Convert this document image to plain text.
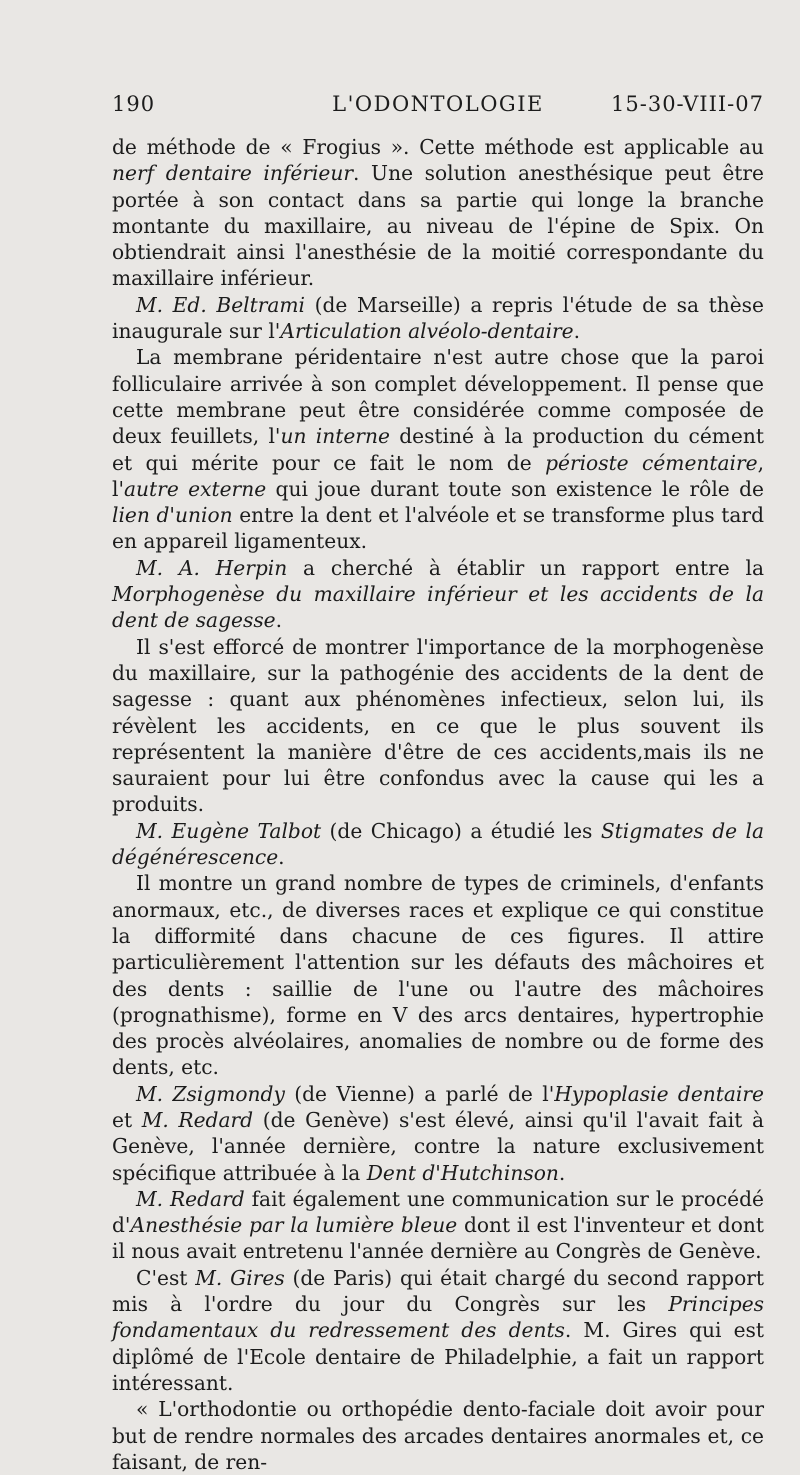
190	L'ODONTOLOGIE	15-30-VIII-07

de méthode de « Frogius ». Cette méthode est applicable au nerf dentaire inférieur. Une solution anesthésique peut être portée à son contact dans sa partie qui longe la branche montante du maxillaire, au niveau de l'épine de Spix. On obtiendrait ainsi l'anesthésie de la moitié correspondante du maxillaire inférieur.

M. Ed. Beltrami (de Marseille) a repris l'étude de sa thèse inaugurale sur l'Articulation alvéolo-dentaire.

La membrane péridentaire n'est autre chose que la paroi folliculaire arrivée à son complet développement. Il pense que cette membrane peut être considérée comme composée de deux feuillets, l'un interne destiné à la production du cément et qui mérite pour ce fait le nom de périoste cémentaire, l'autre externe qui joue durant toute son existence le rôle de lien d'union entre la dent et l'alvéole et se transforme plus tard en appareil ligamenteux.

M. A. Herpin a cherché à établir un rapport entre la Morphogenèse du maxillaire inférieur et les accidents de la dent de sagesse.

Il s'est efforcé de montrer l'importance de la morphogenèse du maxillaire, sur la pathogénie des accidents de la dent de sagesse : quant aux phénomènes infectieux, selon lui, ils révèlent les accidents, en ce que le plus souvent ils représentent la manière d'être de ces accidents,mais ils ne sauraient pour lui être confondus avec la cause qui les a produits.

M. Eugène Talbot (de Chicago) a étudié les Stigmates de la dégénérescence.

Il montre un grand nombre de types de criminels, d'enfants anormaux, etc., de diverses races et explique ce qui constitue la difformité dans chacune de ces figures. Il attire particulièrement l'attention sur les défauts des mâchoires et des dents : saillie de l'une ou l'autre des mâchoires (prognathisme), forme en V des arcs dentaires, hypertrophie des procès alvéolaires, anomalies de nombre ou de forme des dents, etc.

M. Zsigmondy (de Vienne) a parlé de l'Hypoplasie dentaire et M. Redard (de Genève) s'est élevé, ainsi qu'il l'avait fait à Genève, l'année dernière, contre la nature exclusivement spécifique attribuée à la Dent d'Hutchinson.

M. Redard fait également une communication sur le procédé d'Anesthésie par la lumière bleue dont il est l'inventeur et dont il nous avait entretenu l'année dernière au Congrès de Genève.

C'est M. Gires (de Paris) qui était chargé du second rapport mis à l'ordre du jour du Congrès sur les Principes fondamentaux du redressement des dents. M. Gires qui est diplômé de l'Ecole dentaire de Philadelphie, a fait un rapport intéressant.

« L'orthodontie ou orthopédie dento-faciale doit avoir pour but de rendre normales des arcades dentaires anormales et, ce faisant, de ren-
